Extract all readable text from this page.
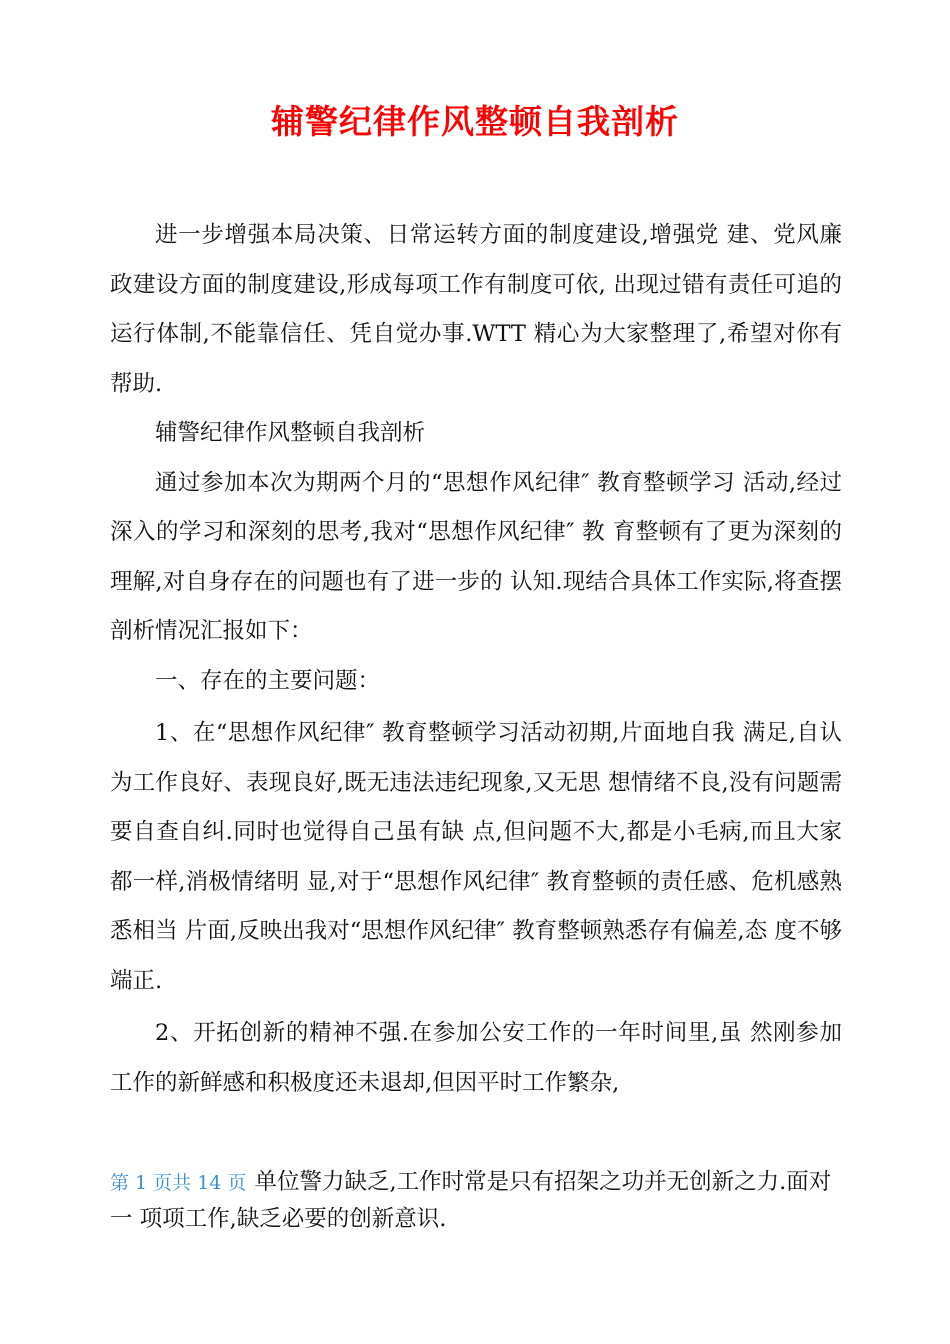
辅警纪律作风整顿自我剖析

进一步增强本局决策、日常运转方面的制度建设,增强党 建、党风廉政建设方面的制度建设,形成每项工作有制度可依, 出现过错有责任可追的运行体制,不能靠信任、凭自觉办事.WTT 精心为大家整理了,希望对你有帮助.

辅警纪律作风整顿自我剖析

通过参加本次为期两个月的“思想作风纪律″ 教育整顿学习 活动,经过深入的学习和深刻的思考,我对“思想作风纪律″ 教 育整顿有了更为深刻的理解,对自身存在的问题也有了进一步的 认知.现结合具体工作实际,将查摆剖析情况汇报如下：

一、存在的主要问题：

1、在“思想作风纪律″ 教育整顿学习活动初期,片面地自我 满足,自认为工作良好、表现良好,既无违法违纪现象,又无思 想情绪不良,没有问题需要自查自纠.同时也觉得自己虽有缺 点,但问题不大,都是小毛病,而且大家都一样,消极情绪明 显,对于“思想作风纪律″ 教育整顿的责任感、危机感熟悉相当 片面,反映出我对“思想作风纪律″ 教育整顿熟悉存有偏差,态 度不够端正.

2、开拓创新的精神不强.在参加公安工作的一年时间里,虽 然刚参加工作的新鲜感和积极度还未退却,但因平时工作繁杂,

第 1 页共 14 页 单位警力缺乏,工作时常是只有招架之功并无创新之力.面对一 项项工作,缺乏必要的创新意识.
